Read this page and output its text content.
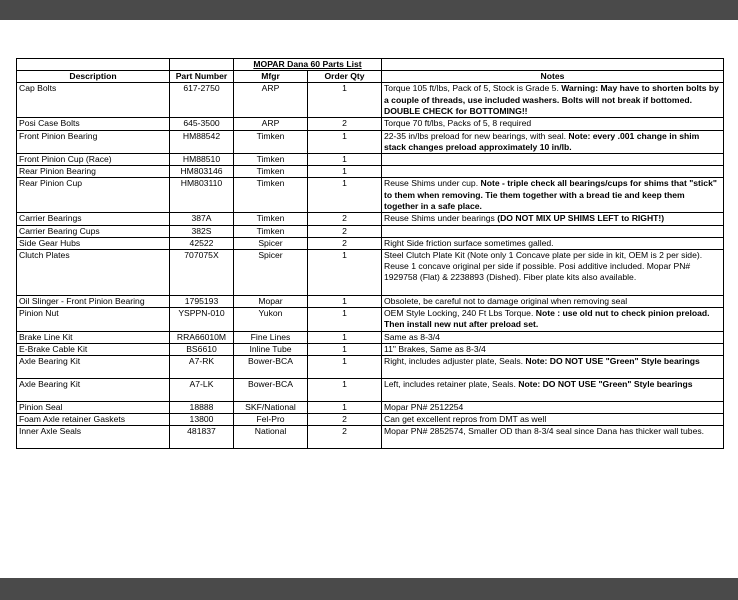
		MOPAR Dana 60 Parts List		
Description	Part Number	Mfgr	Order Qty	Notes
Cap Bolts	617-2750	ARP	1	Torque 105 ft/lbs, Pack of 5, Stock is Grade 5. Warning: May have to shorten bolts by a couple of threads, use included washers. Bolts will not break if bottomed. DOUBLE CHECK for BOTTOMING!!
Posi Case Bolts	645-3500	ARP	2	Torque 70 ft/lbs, Packs of 5, 8 required
Front Pinion Bearing	HM88542	Timken	1	22-35 in/lbs preload for new bearings, with seal. Note: every .001 change in shim stack changes preload approximately 10 in/lb.
Front Pinion Cup (Race)	HM88510	Timken	1	
Rear Pinion Bearing	HM803146	Timken	1	
Rear Pinion Cup	HM803110	Timken	1	Reuse Shims under cup. Note - triple check all bearings/cups for shims that "stick" to them when removing. Tie them together with a bread tie and keep them together in a safe place.
Carrier Bearings	387A	Timken	2	Reuse Shims under bearings (DO NOT MIX UP SHIMS LEFT to RIGHT!)
Carrier Bearing Cups	382S	Timken	2	
Side Gear Hubs	42522	Spicer	2	Right Side friction surface sometimes galled.
Clutch Plates	707075X	Spicer	1	Steel Clutch Plate Kit (Note only 1 Concave plate per side in kit, OEM is 2 per side). Reuse 1 concave original per side if possible. Posi additive included. Mopar PN# 1929758 (Flat) & 2238893 (Dished). Fiber plate kits also available.
Oil Slinger - Front Pinion Bearing	1795193	Mopar	1	Obsolete, be careful not to damage original when removing seal
Pinion Nut	YSPPN-010	Yukon	1	OEM Style Locking, 240 Ft Lbs Torque. Note : use old nut to check pinion preload. Then install new nut after preload set.
Brake Line Kit	RRA66010M	Fine Lines	1	Same as 8-3/4
E-Brake Cable Kit	BS6610	Inline Tube	1	11" Brakes, Same as 8-3/4
Axle Bearing Kit	A7-RK	Bower-BCA	1	Right, includes adjuster plate, Seals. Note: DO NOT USE "Green" Style bearings
Axle Bearing Kit	A7-LK	Bower-BCA	1	Left, includes retainer plate, Seals. Note: DO NOT USE "Green" Style bearings
Pinion Seal	18888	SKF/National	1	Mopar PN# 2512254
Foam Axle retainer Gaskets	13800	Fel-Pro	2	Can get excellent repros from DMT as well
Inner Axle Seals	481837	National	2	Mopar PN# 2852574, Smaller OD than 8-3/4 seal since Dana has thicker wall tubes.
